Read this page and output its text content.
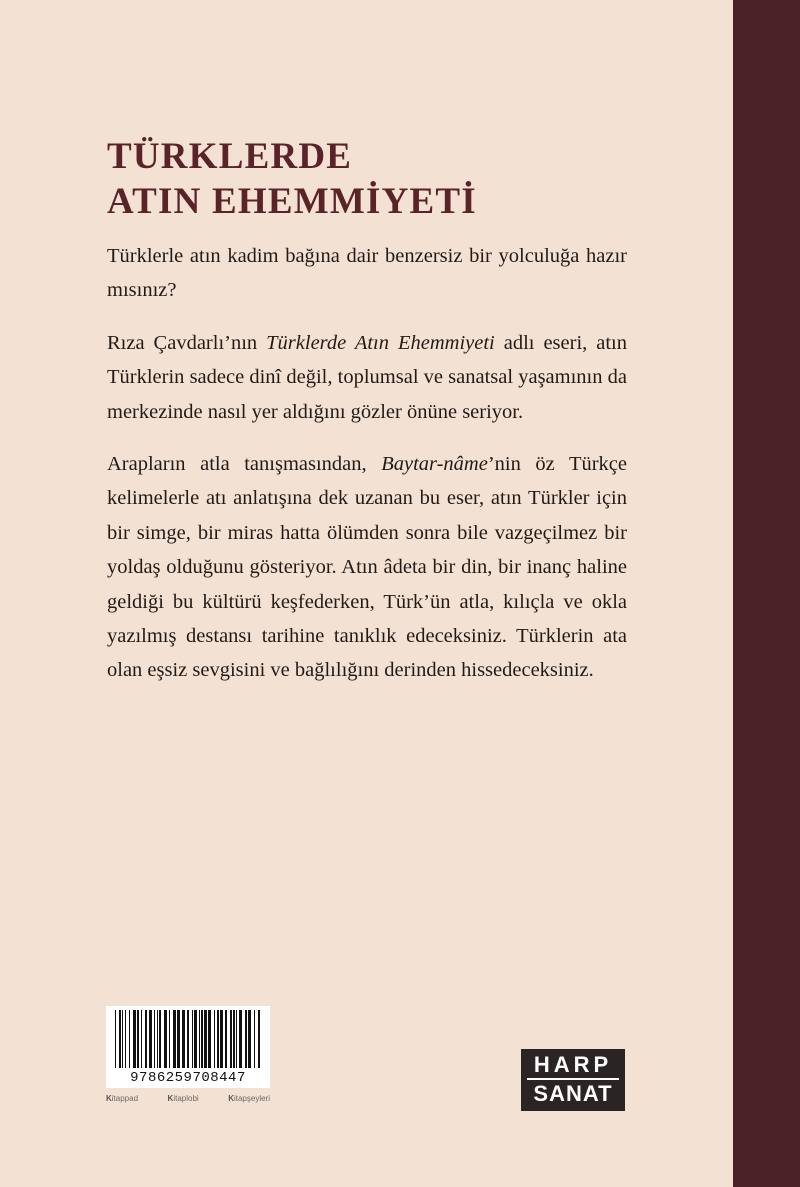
TÜRKLERDE
ATIN EHEMMİYETİ

Türklerle atın kadim bağına dair benzersiz bir yolculuğa hazır mısınız?

Rıza Çavdarlı’nın Türklerde Atın Ehemmiyeti adlı eseri, atın Türklerin sadece dinî değil, toplumsal ve sanatsal yaşamının da merkezinde nasıl yer aldığını gözler önüne seriyor.

Arapların atla tanışmasından, Baytar-nâme’nin öz Türkçe kelimelerle atı anlatışına dek uzanan bu eser, atın Türkler için bir simge, bir miras hatta ölümden sonra bile vazgeçilmez bir yoldaş olduğunu gösteriyor. Atın âdeta bir din, bir inanç haline geldiği bu kültürü keşfederken, Türk’ün atla, kılıçla ve okla yazılmış destansı tarihine tanıklık edeceksiniz. Türklerin ata olan eşsiz sevgisini ve bağlılığını derinden hissedeceksiniz.

9786259708447
Kitappad	Kitaplobi	Kitapşeyleri
HARP
SANAT
